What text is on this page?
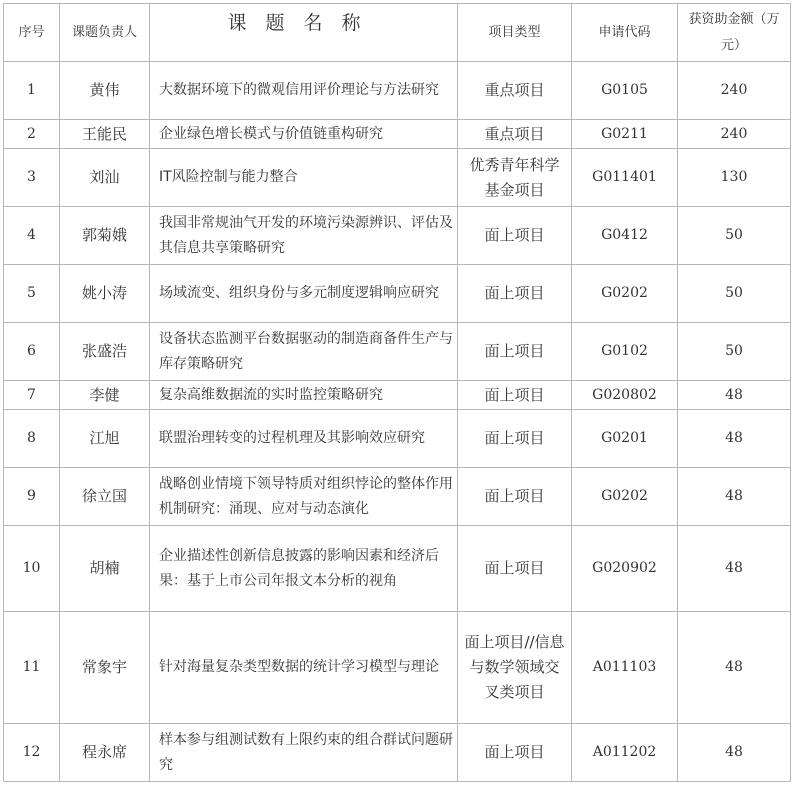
序号	课题负责人	课题名称	项目类型	申请代码	获资助金额（万元）
1	黄伟	大数据环境下的微观信用评价理论与方法研究	重点项目	G0105	240
2	王能民	企业绿色增长模式与价值链重构研究	重点项目	G0211	240
3	刘汕	IT风险控制与能力整合	优秀青年科学基金项目	G011401	130
4	郭菊娥	我国非常规油气开发的环境污染源辨识、评估及其信息共享策略研究	面上项目	G0412	50
5	姚小涛	场域流变、组织身份与多元制度逻辑响应研究	面上项目	G0202	50
6	张盛浩	设备状态监测平台数据驱动的制造商备件生产与库存策略研究	面上项目	G0102	50
7	李健	复杂高维数据流的实时监控策略研究	面上项目	G020802	48
8	江旭	联盟治理转变的过程机理及其影响效应研究	面上项目	G0201	48
9	徐立国	战略创业情境下领导特质对组织悖论的整体作用机制研究：涌现、应对与动态演化	面上项目	G0202	48
10	胡楠	企业描述性创新信息披露的影响因素和经济后果：基于上市公司年报文本分析的视角	面上项目	G020902	48
11	常象宇	针对海量复杂类型数据的统计学习模型与理论	面上项目//信息与数学领域交叉类项目	A011103	48
12	程永席	样本参与组测试数有上限约束的组合群试问题研究	面上项目	A011202	48
